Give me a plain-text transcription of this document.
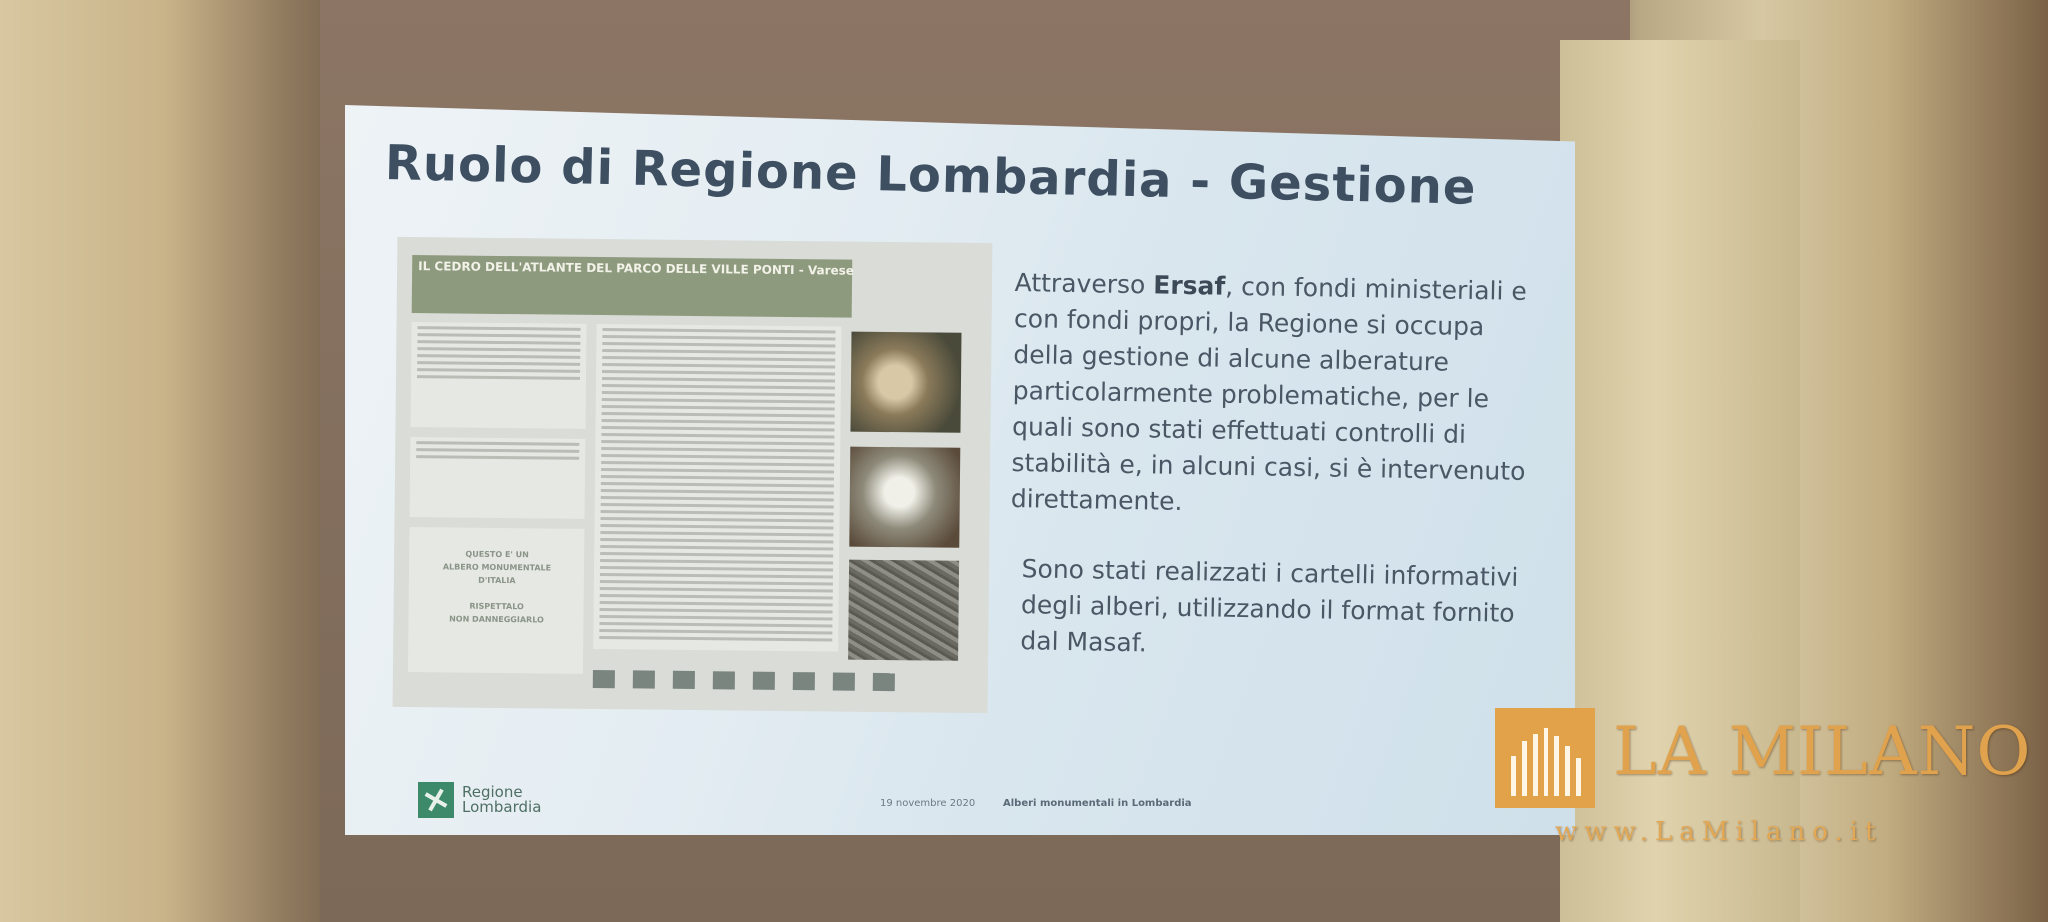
Ruolo di Regione Lombardia - Gestione
IL CEDRO DELL'ATLANTE DEL PARCO DELLE VILLE PONTI - Varese
QUESTO E' UN
ALBERO MONUMENTALE
D'ITALIA

RISPETTALO
NON DANNEGGIARLO
Attraverso Ersaf, con fondi ministeriali e con fondi propri, la Regione si occupa della gestione di alcune alberature particolarmente problematiche, per le quali sono stati effettuati controlli di stabilità e, in alcuni casi, si è intervenuto direttamente.
Sono stati realizzati i cartelli informativi degli alberi, utilizzando il format fornito dal Masaf.
Regione
Lombardia	19 novembre 2020	Alberi monumentali in Lombardia
LA MILANO
www.LaMilano.it
